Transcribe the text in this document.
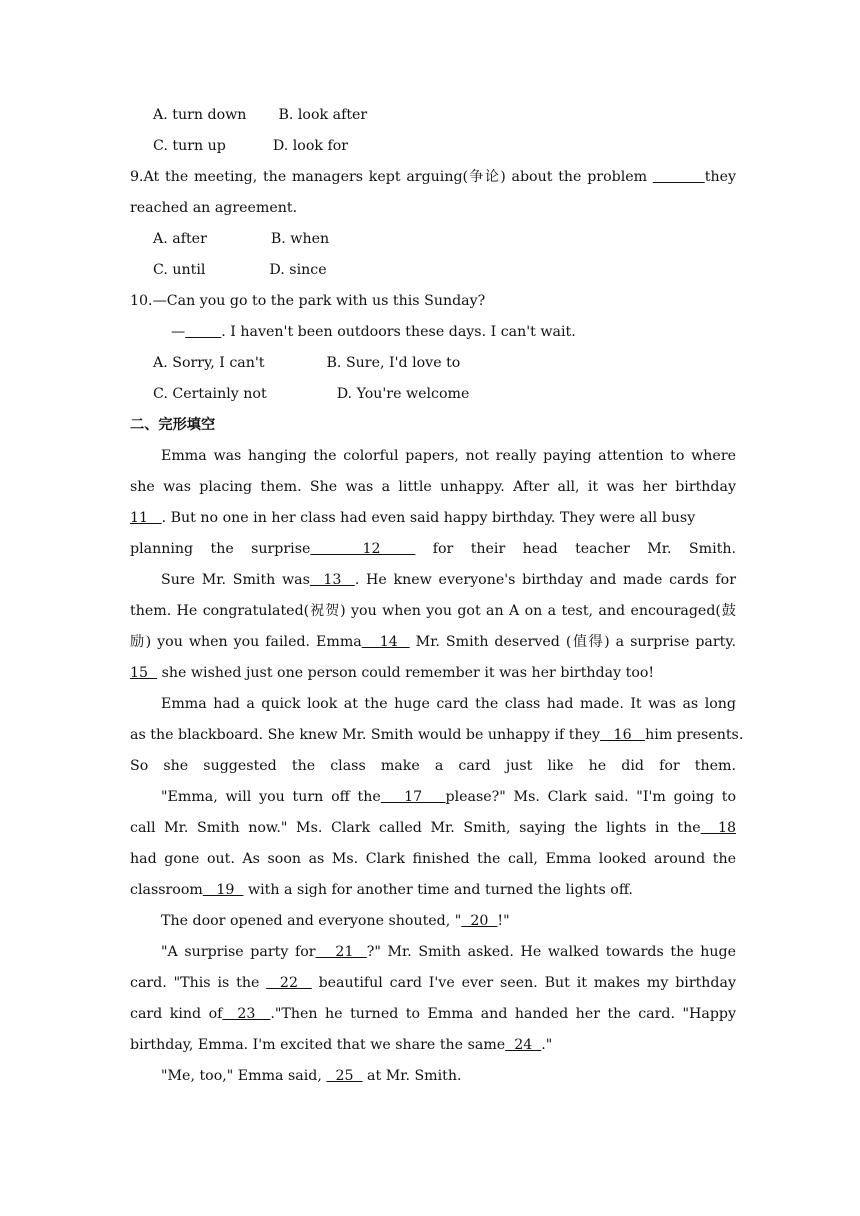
A. turn down B. look after
C. turn up	D. look for
9.At the meeting, the managers kept arguing(争论) about the problem	they
reached an agreement.
A. after	B. when
C. until	D. since
10.—Can you go to the park with us this Sunday?
—	. I haven't been outdoors these days. I can't wait.
A. Sorry, I can't	B. Sure, I'd love to
C. Certainly not	D. You're welcome
二、完形填空
Emma was hanging the colorful papers, not really paying attention to where
she was placing them. She was a little unhappy. After all, it was her birthday
11   . But no one in her class had even said happy birthday. They were all busy
planning the surprise   12   for their head teacher Mr. Smith.
Sure Mr. Smith was  13  . He knew everyone's birthday and made cards for
them. He congratulated(祝贺) you when you got an A on a test, and encouraged(鼓
励) you when you failed. Emma   14   Mr. Smith deserved (值得) a surprise party.
15   she wished just one person could remember it was her birthday too!
Emma had a quick look at the huge card the class had made. It was as long
as the blackboard. She knew Mr. Smith would be unhappy if they   16   him presents.
So she suggested the class make a card just like he did for them.
"Emma, will you turn off the   17   please?" Ms. Clark said. "I'm going to
call Mr. Smith now." Ms. Clark called Mr. Smith, saying the lights in the  18
had gone out. As soon as Ms. Clark finished the call, Emma looked around the
classroom   19   with a sigh for another time and turned the lights off.
The door opened and everyone shouted, "  20  !"
"A surprise party for   21  ?" Mr. Smith asked. He walked towards the huge
card. "This is the   22   beautiful card I've ever seen. But it makes my birthday
card kind of  23  ."Then he turned to Emma and handed her the card. "Happy
birthday, Emma. I'm excited that we share the same  24  ."
"Me, too," Emma said,   25   at Mr. Smith.
